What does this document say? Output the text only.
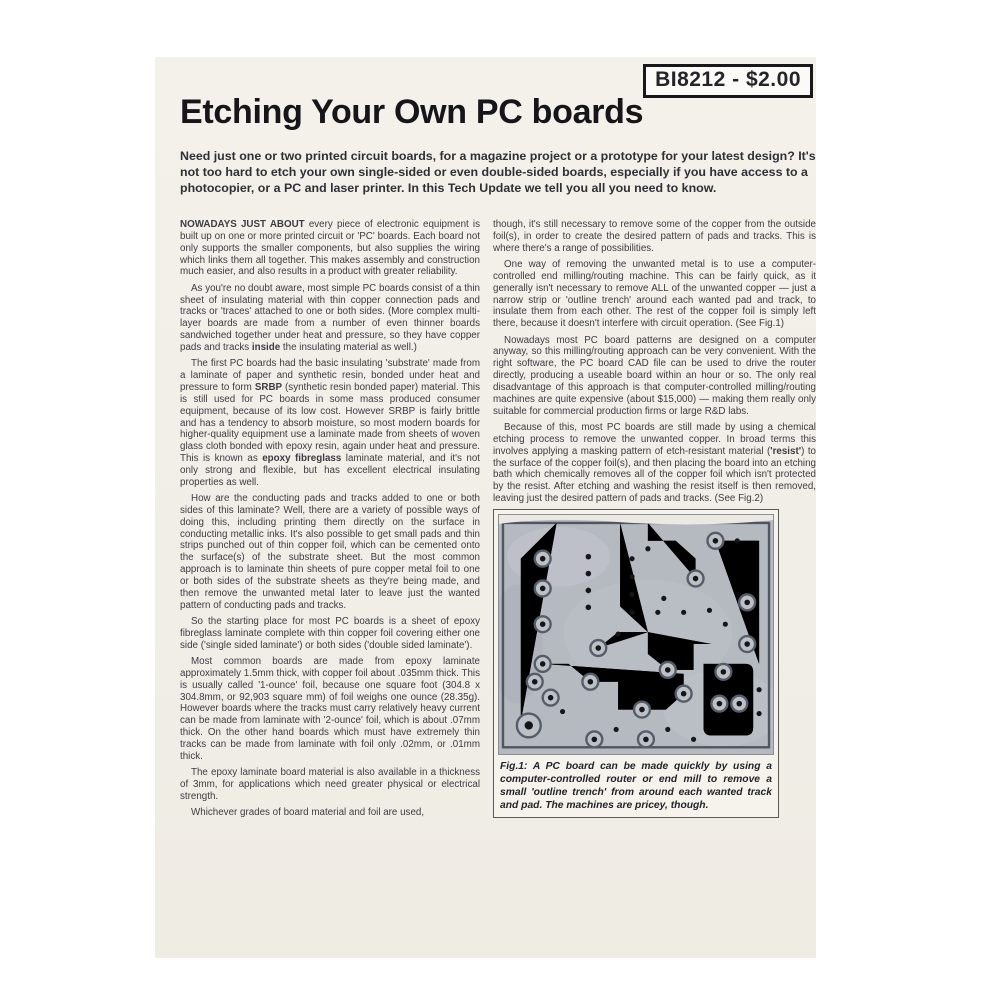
BI8212 - $2.00
Etching Your Own PC boards

Need just one or two printed circuit boards, for a magazine project or a prototype for your latest design? It's not too hard to etch your own single-sided or even double-sided boards, especially if you have access to a photocopier, or a PC and laser printer. In this Tech Update we tell you all you need to know.

NOWADAYS JUST ABOUT every piece of electronic equipment is built up on one or more printed circuit or 'PC' boards. Each board not only supports the smaller components, but also supplies the wiring which links them all together. This makes assembly and construction much easier, and also results in a product with greater reliability.

As you're no doubt aware, most simple PC boards consist of a thin sheet of insulating material with thin copper connection pads and tracks or 'traces' attached to one or both sides. (More complex multi-layer boards are made from a number of even thinner boards sandwiched together under heat and pressure, so they have copper pads and tracks inside the insulating material as well.)

The first PC boards had the basic insulating 'substrate' made from a laminate of paper and synthetic resin, bonded under heat and pressure to form SRBP (synthetic resin bonded paper) material. This is still used for PC boards in some mass produced consumer equipment, because of its low cost. However SRBP is fairly brittle and has a tendency to absorb moisture, so most modern boards for higher-quality equipment use a laminate made from sheets of woven glass cloth bonded with epoxy resin, again under heat and pressure. This is known as epoxy fibreglass laminate material, and it's not only strong and flexible, but has excellent electrical insulating properties as well.

How are the conducting pads and tracks added to one or both sides of this laminate? Well, there are a variety of possible ways of doing this, including printing them directly on the surface in conducting metallic inks. It's also possible to get small pads and thin strips punched out of thin copper foil, which can be cemented onto the surface(s) of the substrate sheet. But the most common approach is to laminate thin sheets of pure copper metal foil to one or both sides of the substrate sheets as they're being made, and then remove the unwanted metal later to leave just the wanted pattern of conducting pads and tracks.

So the starting place for most PC boards is a sheet of epoxy fibreglass laminate complete with thin copper foil covering either one side ('single sided laminate') or both sides ('double sided laminate').

Most common boards are made from epoxy laminate approximately 1.5mm thick, with copper foil about .035mm thick. This is usually called '1-ounce' foil, because one square foot (304.8 x 304.8mm, or 92,903 square mm) of foil weighs one ounce (28.35g). However boards where the tracks must carry relatively heavy current can be made from laminate with '2-ounce' foil, which is about .07mm thick. On the other hand boards which must have extremely thin tracks can be made from laminate with foil only .02mm, or .01mm thick.

The epoxy laminate board material is also available in a thickness of 3mm, for applications which need greater physical or electrical strength.

Whichever grades of board material and foil are used,

though, it's still necessary to remove some of the copper from the outside foil(s), in order to create the desired pattern of pads and tracks. This is where there's a range of possibilities.

One way of removing the unwanted metal is to use a computer-controlled end milling/routing machine. This can be fairly quick, as it generally isn't necessary to remove ALL of the unwanted copper — just a narrow strip or 'outline trench' around each wanted pad and track, to insulate them from each other. The rest of the copper foil is simply left there, because it doesn't interfere with circuit operation. (See Fig.1)

Nowadays most PC board patterns are designed on a computer anyway, so this milling/routing approach can be very convenient. With the right software, the PC board CAD file can be used to drive the router directly, producing a useable board within an hour or so. The only real disadvantage of this approach is that computer-controlled milling/routing machines are quite expensive (about $15,000) — making them really only suitable for commercial production firms or large R&D labs.

Because of this, most PC boards are still made by using a chemical etching process to remove the unwanted copper. In broad terms this involves applying a masking pattern of etch-resistant material ('resist') to the surface of the copper foil(s), and then placing the board into an etching bath which chemically removes all of the copper foil which isn't protected by the resist. After etching and washing the resist itself is then removed, leaving just the desired pattern of pads and tracks. (See Fig.2)

Fig.1: A PC board can be made quickly by using a computer-controlled router or end mill to remove a small 'outline trench' from around each wanted track and pad. The machines are pricey, though.
